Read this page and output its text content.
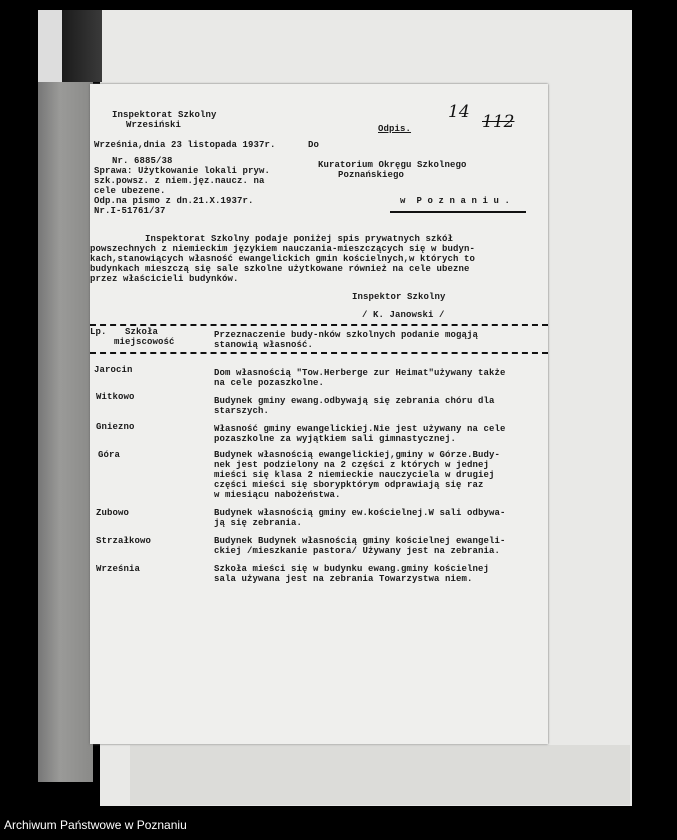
Inspektorat Szkolny
Wrzesiński	Odpis.
14 112
Września,dnia 23 listopada 1937r.	Do
Nr. 6885/38
Sprawa: Użytkowanie lokali pryw.
szk.powsz. z niem.jęz.naucz. na
cele ubezene.
Odp.na pismo z dn.21.X.1937r.
Nr.I-51761/37
Kuratorium Okręgu Szkolnego
Poznańskiego
w  P o z n a n i u .
Inspektorat Szkolny podaje poniżej spis prywatnych szkół
powszechnych z niemieckim językiem nauczania-mieszczących się w budyn-
kach,stanowiących własność ewangelickich gmin kościelnych,w których to
budynkach mieszczą się sale szkolne użytkowane również na cele ubezne
przez właścicieli budynków.
Inspektor Szkolny
/ K. Janowski /
Lp.	Szkoła
miejscowość
Przeznaczenie budy-nków szkolnych podanie mogąją
stanowią własność.
Jarocin	Dom własnością "Tow.Herberge zur Heimat"używany także
na cele pozaszkolne.
Witkowo	Budynek gminy ewang.odbywają się zebrania chóru dla
starszych.
Gniezno	Własność gminy ewangelickiej.Nie jest używany na cele
pozaszkolne za wyjątkiem sali gimnastycznej.
Góra	Budynek własnością ewangelickiej,gminy w Górze.Budy-
nek jest podzielony na 2 części z których w jednej
mieści się klasa 2 niemieckie nauczyciela w drugiej
części mieści się sborypktórym odprawiają się raz
w miesiącu nabożeństwa.
Zubowo	Budynek własnością gminy ew.kościelnej.W sali odbywa-
ją się zebrania.
Strzałkowo	Budynek Budynek własnością gminy kościelnej ewangeli-
ckiej /mieszkanie pastora/ Używany jest na zebrania.
Września	Szkoła mieści się w budynku ewang.gminy kościelnej
sala używana jest na zebrania Towarzystwa niem.
Archiwum Państwowe w Poznaniu
